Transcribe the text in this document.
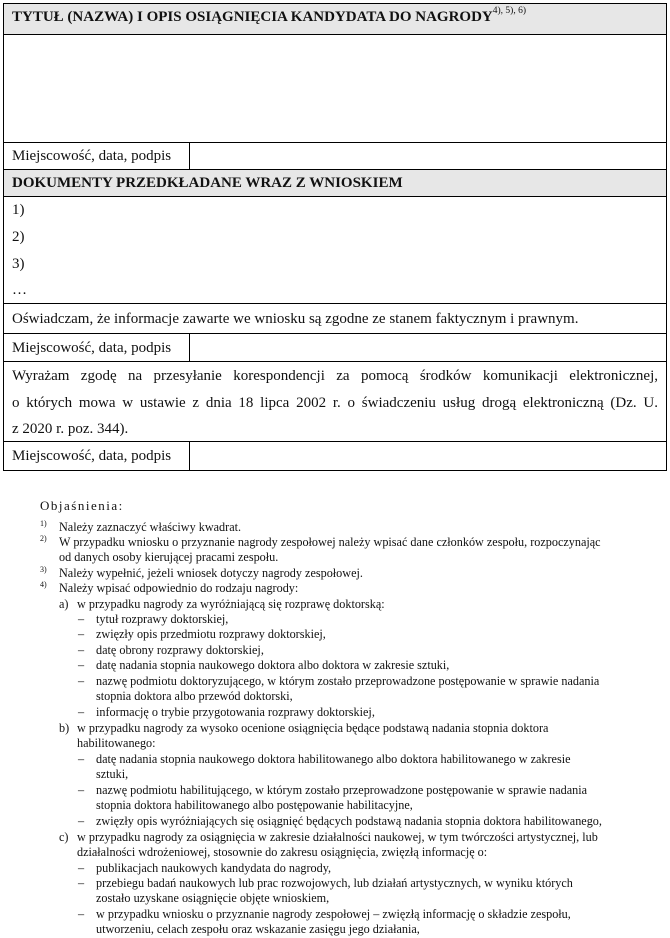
TYTUŁ (NAZWA) I OPIS OSIĄGNIĘCIA KANDYDATA DO $NAGRODY^{4), 5), 6)}$
Miejscowość, data, podpis
DOKUMENTY PRZEDKŁADANE WRAZ Z WNIOSKIEM
1)
2)
3)
…
Oświadczam, że informacje zawarte we wniosku są zgodne ze stanem faktycznym i prawnym.
Miejscowość, data, podpis
Wyrażam zgodę na przesyłanie korespondencji za pomocą środków komunikacji elektronicznej,
o których mowa w ustawie z dnia 18 lipca 2002 r. o świadczeniu usług drogą elektroniczną (Dz. U.
z 2020 r. poz. 344).
Miejscowość, data, podpis
Objaśnienia:
1) Należy zaznaczyć właściwy kwadrat.
2) W przypadku wniosku o przyznanie nagrody zespołowej należy wpisać dane członków zespołu, rozpoczynając
od danych osoby kierującej pracami zespołu.
3) Należy wypełnić, jeżeli wniosek dotyczy nagrody zespołowej.
4) Należy wpisać odpowiednio do rodzaju nagrody:
a) w przypadku nagrody za wyróżniającą się rozprawę doktorską:
– tytuł rozprawy doktorskiej,
– zwięzły opis przedmiotu rozprawy doktorskiej,
– datę obrony rozprawy doktorskiej,
– datę nadania stopnia naukowego doktora albo doktora w zakresie sztuki,
– nazwę podmiotu doktoryzującego, w którym zostało przeprowadzone postępowanie w sprawie nadania
stopnia doktora albo przewód doktorski,
– informację o trybie przygotowania rozprawy doktorskiej,
b) w przypadku nagrody za wysoko ocenione osiągnięcia będące podstawą nadania stopnia doktora
habilitowanego:
– datę nadania stopnia naukowego doktora habilitowanego albo doktora habilitowanego w zakresie
sztuki,
– nazwę podmiotu habilitującego, w którym zostało przeprowadzone postępowanie w sprawie nadania
stopnia doktora habilitowanego albo postępowanie habilitacyjne,
– zwięzły opis wyróżniających się osiągnięć będących podstawą nadania stopnia doktora habilitowanego,
c) w przypadku nagrody za osiągnięcia w zakresie działalności naukowej, w tym twórczości artystycznej, lub
działalności wdrożeniowej, stosownie do zakresu osiągnięcia, zwięzłą informację o:
– publikacjach naukowych kandydata do nagrody,
– przebiegu badań naukowych lub prac rozwojowych, lub działań artystycznych, w wyniku których
zostało uzyskane osiągnięcie objęte wnioskiem,
– w przypadku wniosku o przyznanie nagrody zespołowej – zwięzłą informację o składzie zespołu,
utworzeniu, celach zespołu oraz wskazanie zasięgu jego działania,
